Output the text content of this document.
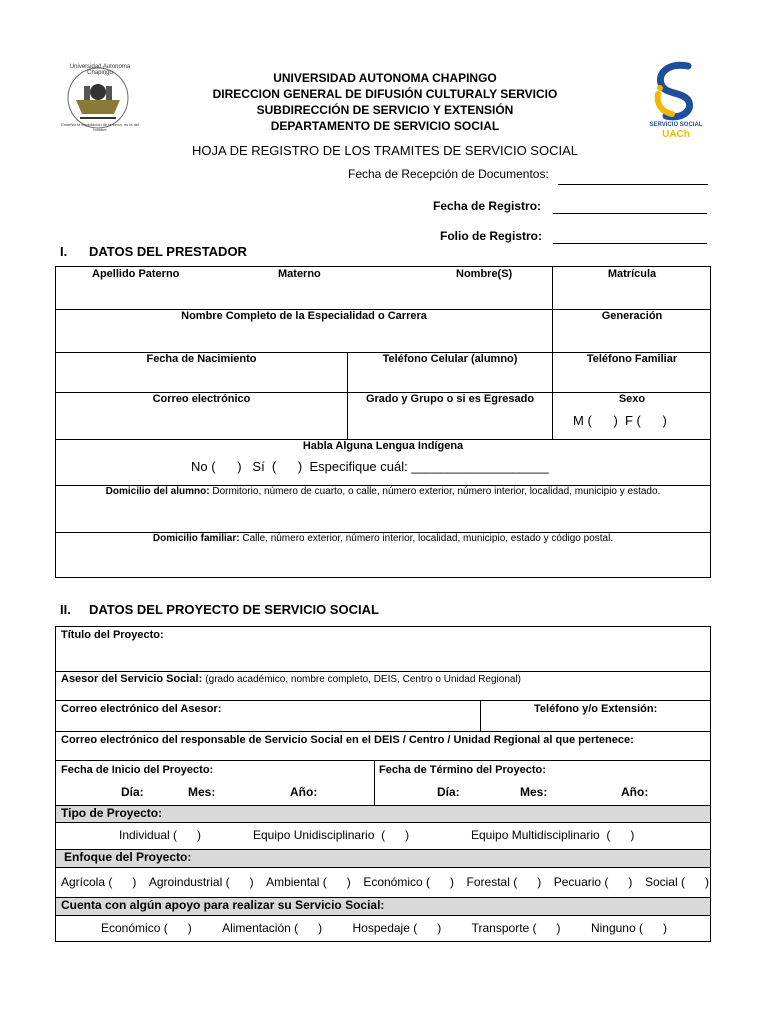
Universidad Autonoma Chapingo
Enseñar la explotación de la tierra, no la del hombre
SERVICIO SOCIAL
UACh
UNIVERSIDAD AUTONOMA CHAPINGO
DIRECCION GENERAL DE DIFUSIÓN CULTURALY SERVICIO
SUBDIRECCIÓN DE SERVICIO Y EXTENSIÓN
DEPARTAMENTO DE SERVICIO SOCIAL
HOJA DE REGISTRO DE LOS TRAMITES DE SERVICIO SOCIAL
Fecha de Recepción de Documentos:
Fecha de Registro:
Folio de Registro:
I. DATOS DEL PRESTADOR
Apellido Paterno	Materno	Nombre(S)	Matrícula
Nombre Completo de la Especialidad o Carrera	Generación
Fecha de Nacimiento	Teléfono Celular (alumno)	Teléfono Familiar
Correo electrónico	Grado y Grupo o si es Egresado	Sexo
M (      )  F (      )
Habla Alguna Lengua Indígena
No (      )   Sí  (      )  Especifique cuál: ___________________
Domicilio del alumno: Dormitorio, número de cuarto, o calle, número exterior, número interior, localidad, municipio y estado.
Domicilio familiar: Calle, número exterior, número interior, localidad, municipio, estado y código postal.
II. DATOS DEL PROYECTO DE SERVICIO SOCIAL
Título del Proyecto:
Asesor del Servicio Social: (grado académico, nombre completo, DEIS, Centro o Unidad Regional)
Correo electrónico del Asesor:	Teléfono y/o Extensión:
Correo electrónico del responsable de Servicio Social en el DEIS / Centro / Unidad Regional al que pertenece:
Fecha de Inicio del Proyecto:	Fecha de Término del Proyecto:
Día:	Mes:	Año:	Día:	Mes:	Año:
Tipo de Proyecto:
Individual (      )	Equipo Unidisciplinario  (      )	Equipo Multidisciplinario  (      )
Enfoque del Proyecto:
Agrícola (      ) Agroindustrial (      ) Ambiental (      ) Económico (      ) Forestal (      ) Pecuario (      ) Social (      )
Cuenta con algún apoyo para realizar su Servicio Social:
Económico (      )	Alimentación (      )	Hospedaje (      )	Transporte (      )	Ninguno (      )
